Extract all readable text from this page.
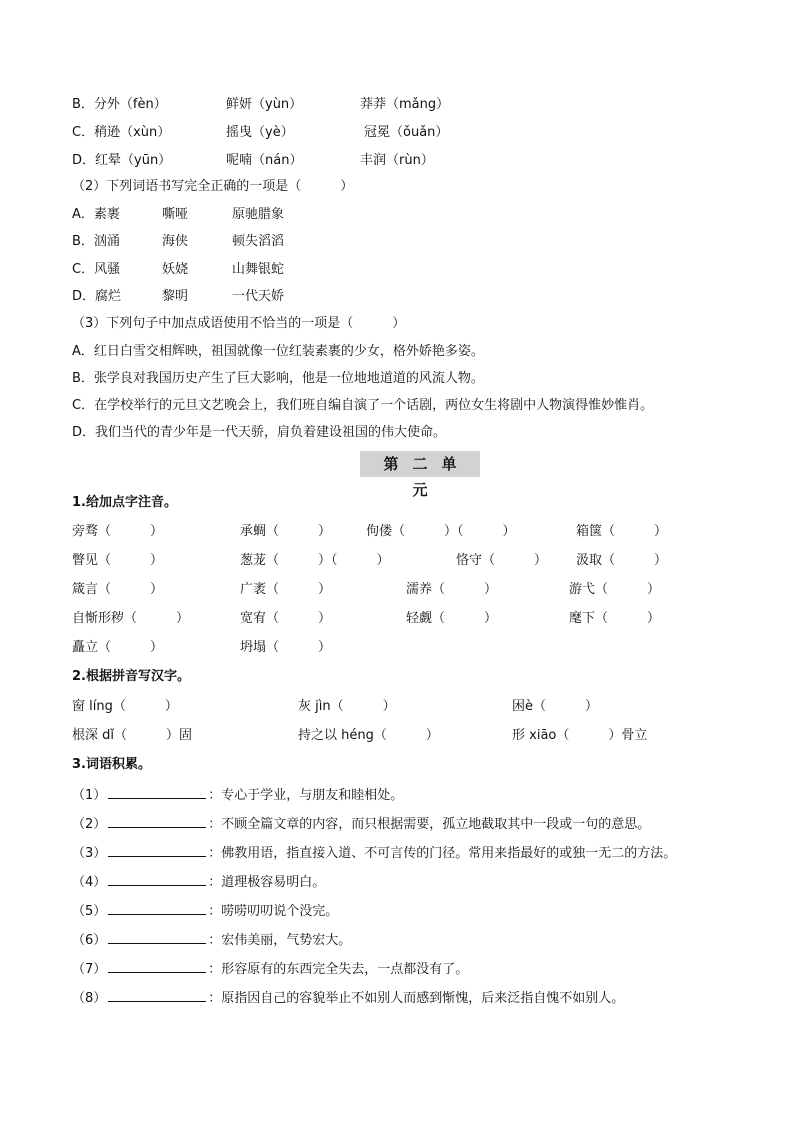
B．分外（fèn）	鲜妍（yùn）	莽莽（mǎng）
C．稍逊（xùn）	摇曳（yè）	冠冕（ǒuǎn）
D．红晕（yūn）	呢喃（nán）	丰润（rùn）
（2）下列词语书写完全正确的一项是（　　　）
A．素裹	嘶哑	原驰腊象
B．汹涌	海侠	顿失滔滔
C．风骚	妖娆	山舞银蛇
D．腐烂	黎明	一代天娇
（3）下列句子中加点成语使用不恰当的一项是（　　　）
A．红日白雪交相辉映，祖国就像一位红装素裹的少女，格外娇艳多姿。
B．张学良对我国历史产生了巨大影响，他是一位地地道道的风流人物。
C．在学校举行的元旦文艺晚会上，我们班自编自演了一个话剧，两位女生将剧中人物演得惟妙惟肖。
D．我们当代的青少年是一代天骄，肩负着建设祖国的伟大使命。
第二单元
1.给加点字注音。
旁骛（　　　）	承蜩（　　　）	佝偻（　　　）（　　　）	箱箧（　　　）
瞥见（　　　）	葱茏（　　　）（　　　）	恪守（　　　） 汲取（　　　）
箴言（　　　）	广袤（　　　）	濡养（　　　）	游弋（　　　）
自惭形秽（　　　）	宽宥（　　　）	轻觑（　　　）	麾下（　　　）
矗立（　　　）	坍塌（　　　）
2.根据拼音写汉字。
窗 líng（　　　）	灰 jìn（　　　）	困è（　　　）
根深 dǐ（　　　）固	持之以 héng（　　　）	形 xiāo（　　　）骨立
3.词语积累。
（1）	：专心于学业，与朋友和睦相处。
（2）	：不顾全篇文章的内容，而只根据需要，孤立地截取其中一段或一句的意思。
（3）	：佛教用语，指直接入道、不可言传的门径。常用来指最好的或独一无二的方法。
（4）	：道理极容易明白。
（5）	：唠唠叨叨说个没完。
（6）	：宏伟美丽，气势宏大。
（7）	：形容原有的东西完全失去，一点都没有了。
（8）	：原指因自己的容貌举止不如别人而感到惭愧，后来泛指自愧不如别人。
